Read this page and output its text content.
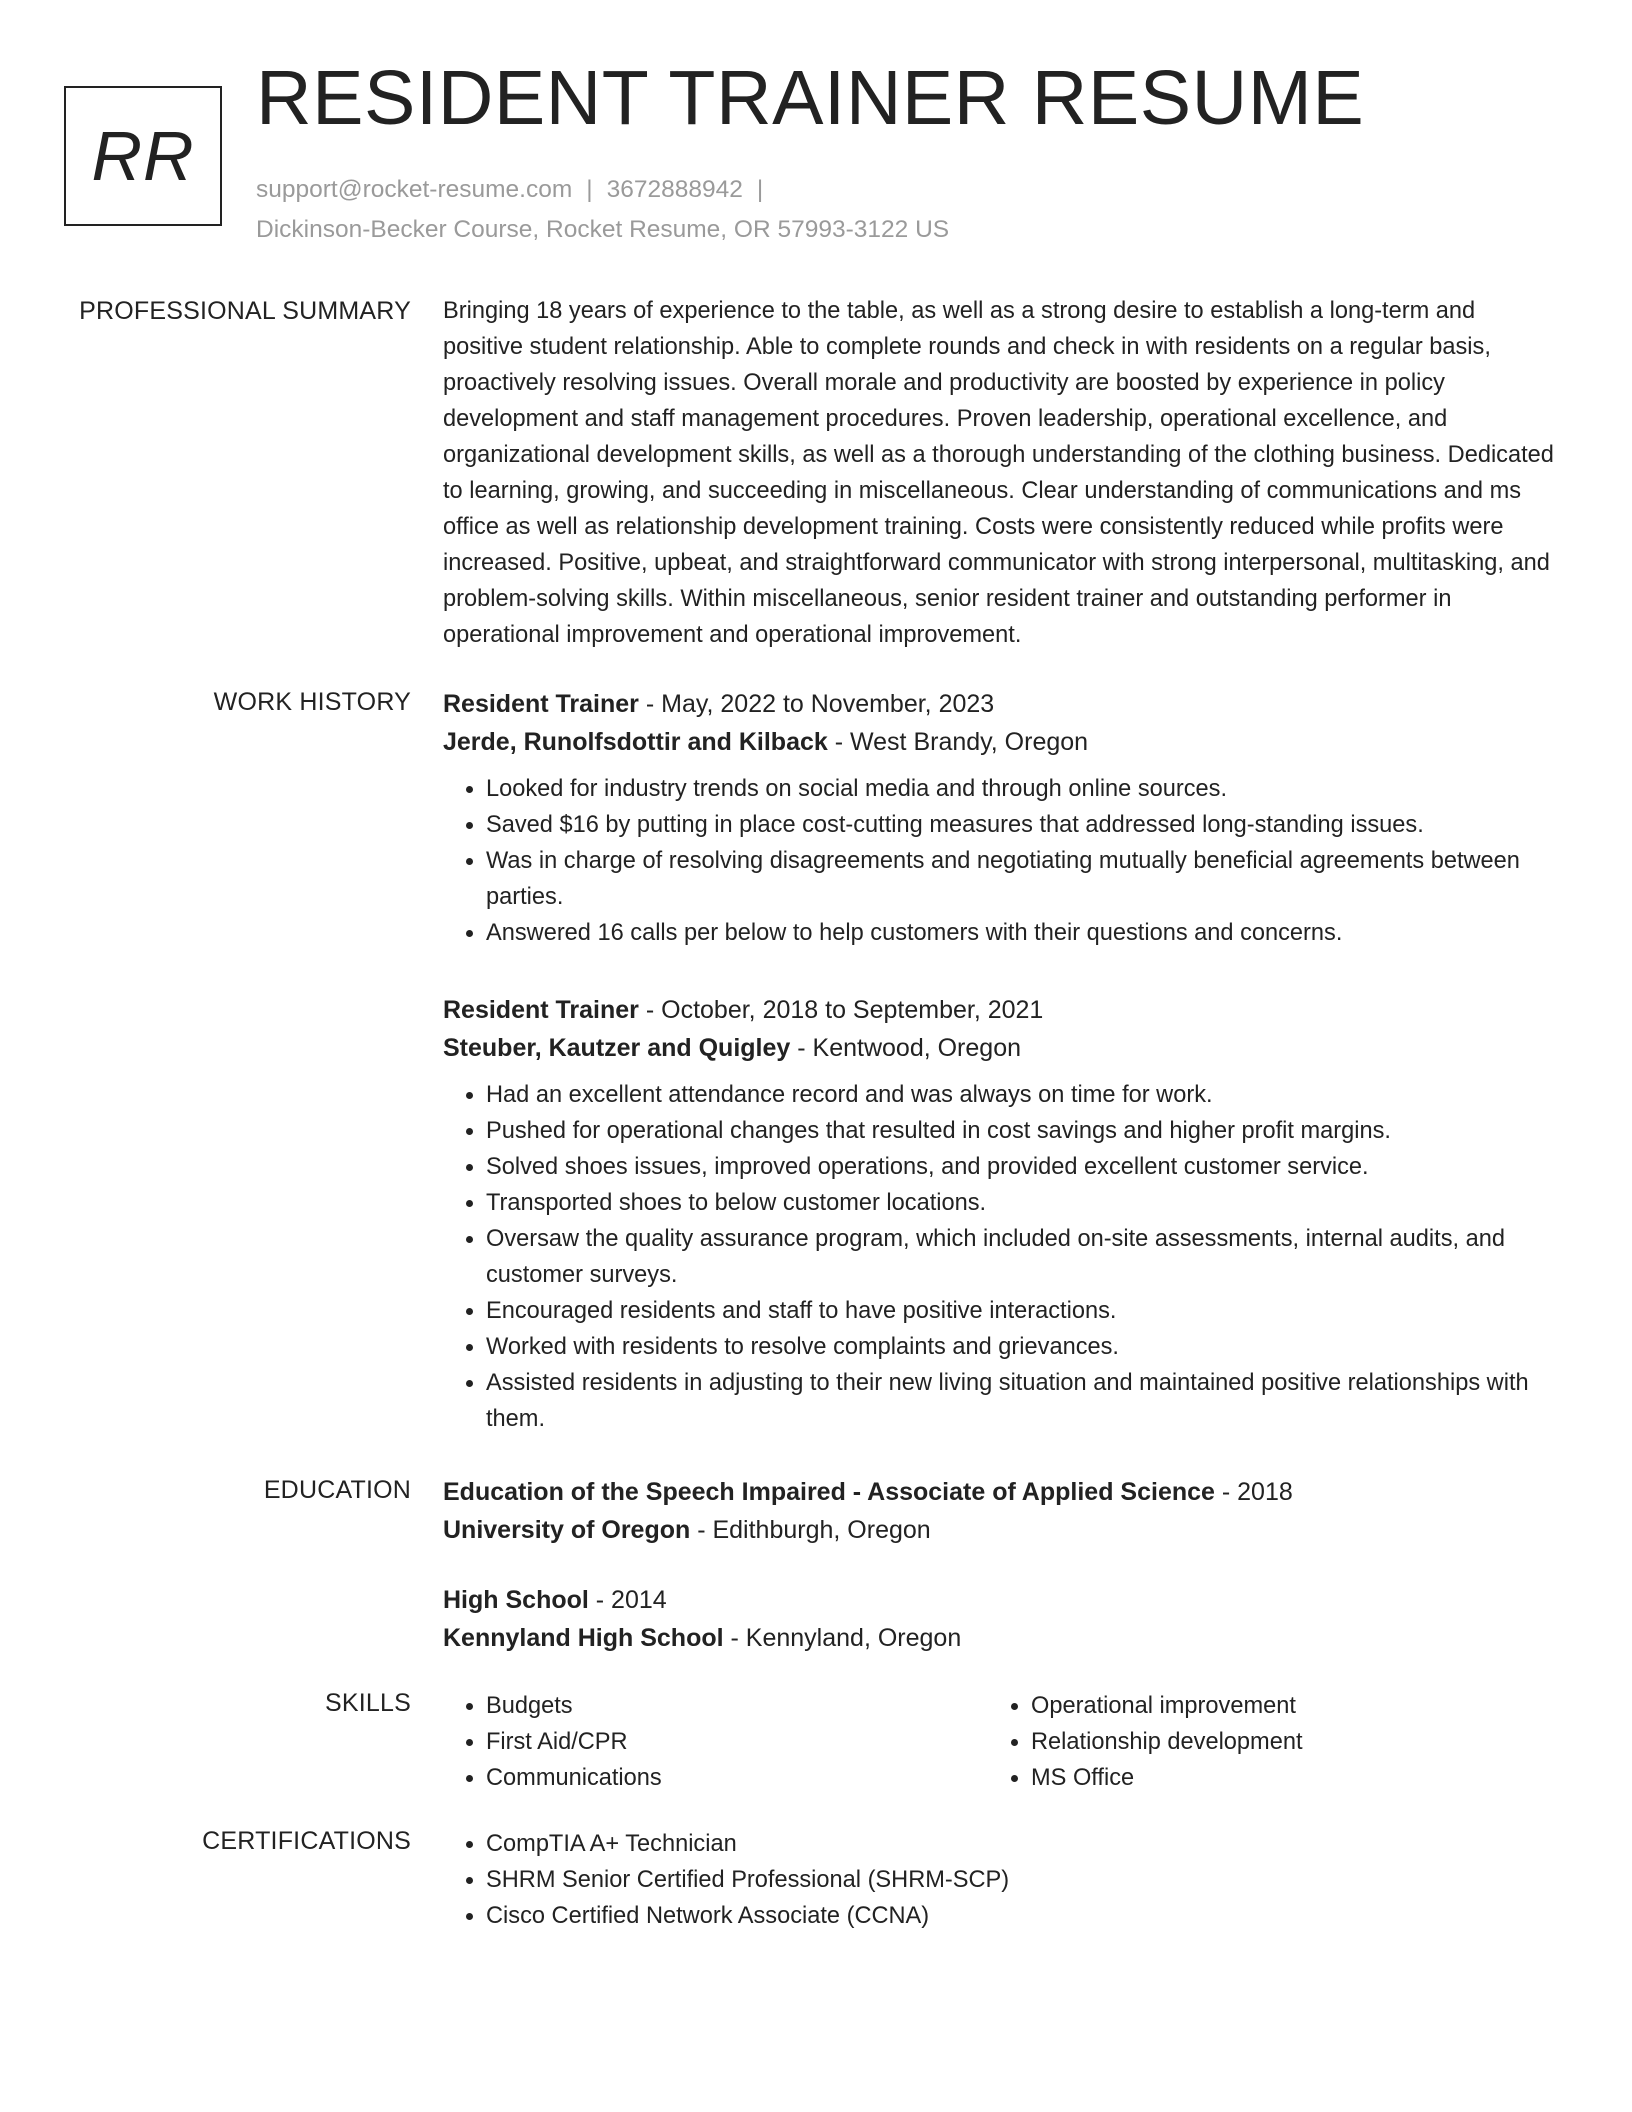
RR
RESIDENT TRAINER RESUME
support@rocket-resume.com | 3672888942 |
Dickinson-Becker Course, Rocket Resume, OR 57993-3122 US
PROFESSIONAL SUMMARY Bringing 18 years of experience to the table, as well as a strong desire to establish a long-term and positive student relationship. Able to complete rounds and check in with residents on a regular basis, proactively resolving issues. Overall morale and productivity are boosted by experience in policy development and staff management procedures. Proven leadership, operational excellence, and organizational development skills, as well as a thorough understanding of the clothing business. Dedicated to learning, growing, and succeeding in miscellaneous. Clear understanding of communications and ms office as well as relationship development training. Costs were consistently reduced while profits were increased. Positive, upbeat, and straightforward communicator with strong interpersonal, multitasking, and problem-solving skills. Within miscellaneous, senior resident trainer and outstanding performer in operational improvement and operational improvement.

WORK HISTORY Resident Trainer - May, 2022 to November, 2023
Jerde, Runolfsdottir and Kilback - West Brandy, Oregon
• Looked for industry trends on social media and through online sources.
• Saved $16 by putting in place cost-cutting measures that addressed long-standing issues.
• Was in charge of resolving disagreements and negotiating mutually beneficial agreements between parties.
• Answered 16 calls per below to help customers with their questions and concerns.
Resident Trainer - October, 2018 to September, 2021
Steuber, Kautzer and Quigley - Kentwood, Oregon
• Had an excellent attendance record and was always on time for work.
• Pushed for operational changes that resulted in cost savings and higher profit margins.
• Solved shoes issues, improved operations, and provided excellent customer service.
• Transported shoes to below customer locations.
• Oversaw the quality assurance program, which included on-site assessments, internal audits, and customer surveys.
• Encouraged residents and staff to have positive interactions.
• Worked with residents to resolve complaints and grievances.
• Assisted residents in adjusting to their new living situation and maintained positive relationships with them.
EDUCATION Education of the Speech Impaired - Associate of Applied Science - 2018
University of Oregon - Edithburgh, Oregon
High School - 2014
Kennyland High School - Kennyland, Oregon
SKILLS	• Budgets
• First Aid/CPR
• Communications
• Operational improvement
• Relationship development
• MS Office
CERTIFICATIONS	• CompTIA A+ Technician
• SHRM Senior Certified Professional (SHRM-SCP)
• Cisco Certified Network Associate (CCNA)
